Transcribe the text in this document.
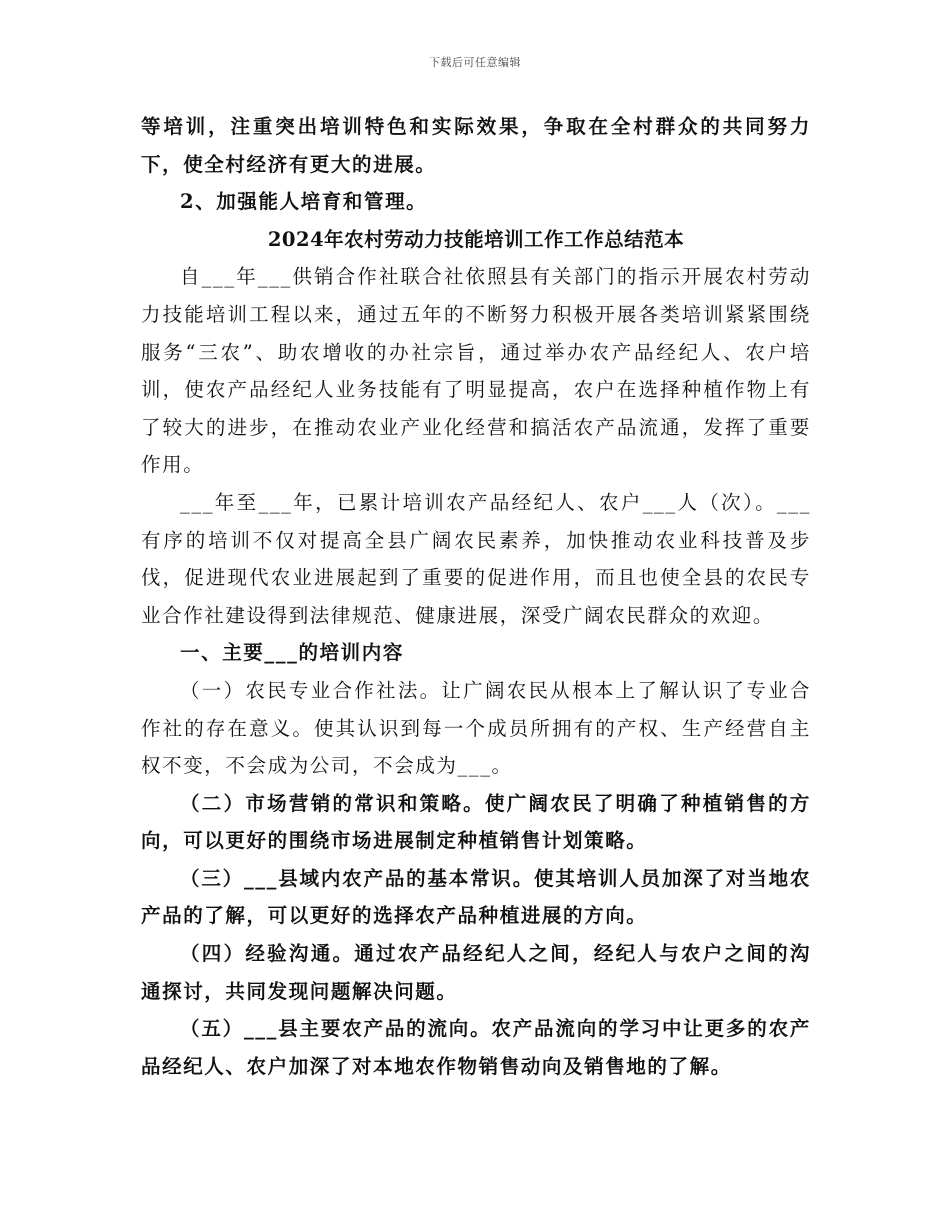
下载后可任意编辑

等培训，注重突出培训特色和实际效果，争取在全村群众的共同努力下，使全村经济有更大的进展。

2、加强能人培育和管理。

2024年农村劳动力技能培训工作工作总结范本

自___年___供销合作社联合社依照县有关部门的指示开展农村劳动力技能培训工程以来，通过五年的不断努力积极开展各类培训紧紧围绕服务“三农”、助农增收的办社宗旨，通过举办农产品经纪人、农户培训，使农产品经纪人业务技能有了明显提高，农户在选择种植作物上有了较大的进步，在推动农业产业化经营和搞活农产品流通，发挥了重要作用。

___年至___年，已累计培训农产品经纪人、农户___人（次）。___有序的培训不仅对提高全县广阔农民素养，加快推动农业科技普及步伐，促进现代农业进展起到了重要的促进作用，而且也使全县的农民专业合作社建设得到法律规范、健康进展，深受广阔农民群众的欢迎。

一、主要___的培训内容

（一）农民专业合作社法。让广阔农民从根本上了解认识了专业合作社的存在意义。使其认识到每一个成员所拥有的产权、生产经营自主权不变，不会成为公司，不会成为___。

（二）市场营销的常识和策略。使广阔农民了明确了种植销售的方向，可以更好的围绕市场进展制定种植销售计划策略。

（三）___县域内农产品的基本常识。使其培训人员加深了对当地农产品的了解，可以更好的选择农产品种植进展的方向。

（四）经验沟通。通过农产品经纪人之间，经纪人与农户之间的沟通探讨，共同发现问题解决问题。

（五）___县主要农产品的流向。农产品流向的学习中让更多的农产品经纪人、农户加深了对本地农作物销售动向及销售地的了解。
